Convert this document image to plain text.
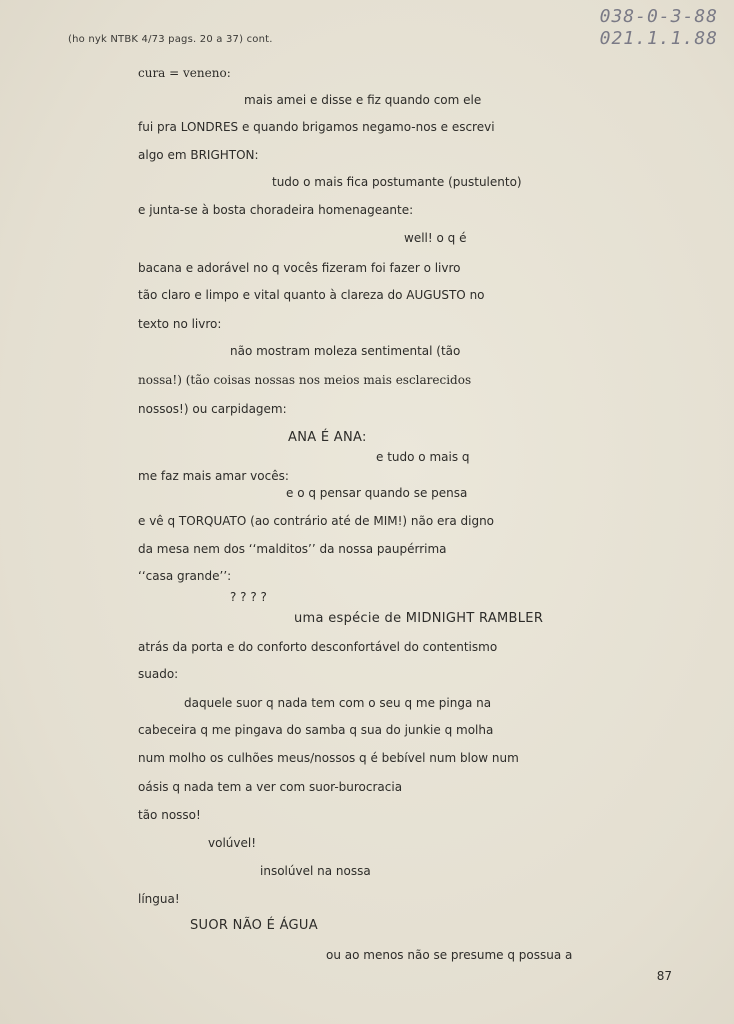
(ho nyk NTBK 4/73 pags. 20 a 37) cont.
038-0-3-88
021.1.1.88
cura = veneno:
mais amei e disse e fiz quando com ele
fui pra LONDRES e quando brigamos negamo-nos e escrevi
algo em BRIGHTON:
tudo o mais fica postumante (pustulento)
e junta-se à bosta choradeira homenageante:
well! o q é
bacana e adorável no q vocês fizeram foi fazer o livro
tão claro e limpo e vital quanto à clareza do AUGUSTO no
texto no livro:
não mostram moleza sentimental (tão
nossa!) (tão coisas nossas nos meios mais esclarecidos
nossos!) ou carpidagem:
ANA É ANA:
e tudo o mais q
me faz mais amar vocês:
e o q pensar quando se pensa
e vê q TORQUATO (ao contrário até de MIM!) não era digno
da mesa nem dos ‘‘malditos’’ da nossa paupérrima
‘‘casa grande’’:
? ? ? ?
uma espécie de MIDNIGHT RAMBLER
atrás da porta e do conforto desconfortável do contentismo
suado:
daquele suor q nada tem com o seu q me pinga na
cabeceira q me pingava do samba q sua do junkie q molha
num molho os culhões meus/nossos q é bebível num blow num
oásis q nada tem a ver com suor-burocracia
tão nosso!
volúvel!
insolúvel na nossa
língua!
SUOR NÃO É ÁGUA
ou ao menos não se presume q possua a
87
